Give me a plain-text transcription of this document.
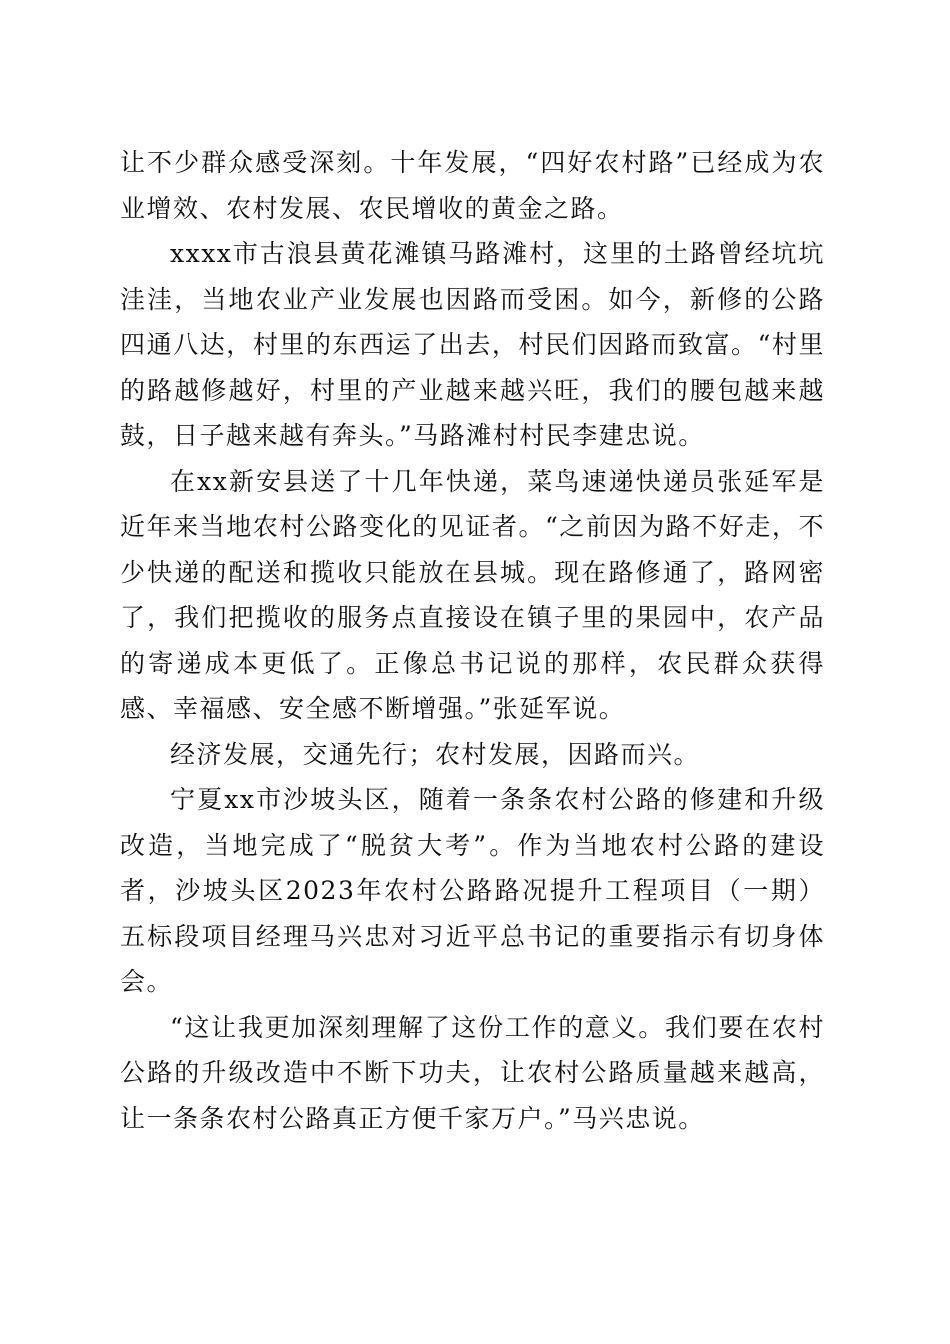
让不少群众感受深刻。十年发展，“四好农村路”已经成为农业增效、农村发展、农民增收的黄金之路。

xxxx市古浪县黄花滩镇马路滩村，这里的土路曾经坑坑洼洼，当地农业产业发展也因路而受困。如今，新修的公路四通八达，村里的东西运了出去，村民们因路而致富。“村里的路越修越好，村里的产业越来越兴旺，我们的腰包越来越鼓，日子越来越有奔头。”马路滩村村民李建忠说。

在xx新安县送了十几年快递，菜鸟速递快递员张延军是近年来当地农村公路变化的见证者。“之前因为路不好走，不少快递的配送和揽收只能放在县城。现在路修通了，路网密了，我们把揽收的服务点直接设在镇子里的果园中，农产品的寄递成本更低了。正像总书记说的那样，农民群众获得感、幸福感、安全感不断增强。”张延军说。

经济发展，交通先行；农村发展，因路而兴。

宁夏xx市沙坡头区，随着一条条农村公路的修建和升级改造，当地完成了“脱贫大考”。作为当地农村公路的建设者，沙坡头区2023年农村公路路况提升工程项目（一期）五标段项目经理马兴忠对习近平总书记的重要指示有切身体会。

“这让我更加深刻理解了这份工作的意义。我们要在农村公路的升级改造中不断下功夫，让农村公路质量越来越高，让一条条农村公路真正方便千家万户。”马兴忠说。
